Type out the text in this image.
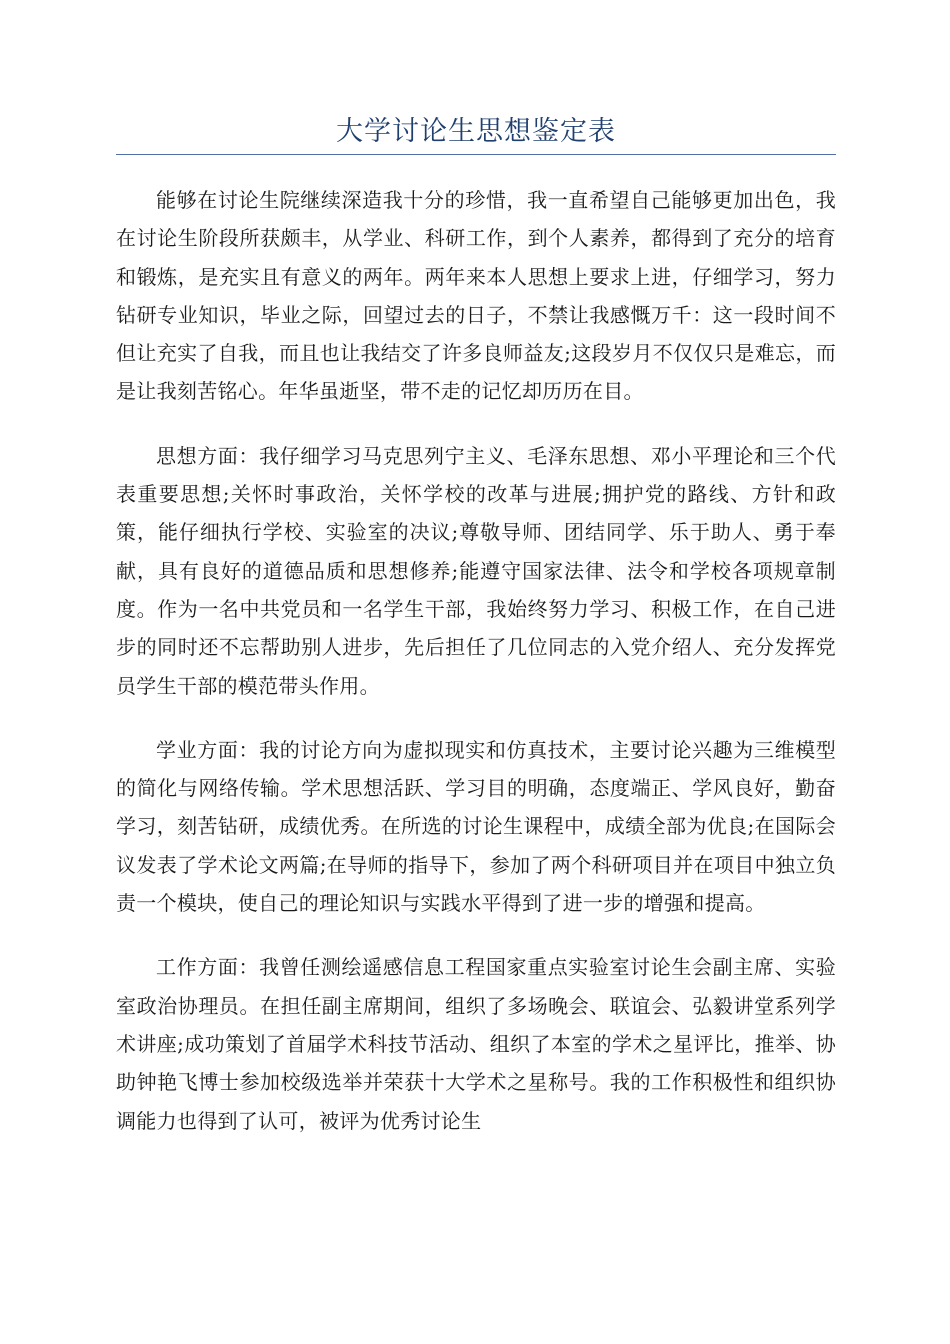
大学讨论生思想鉴定表

能够在讨论生院继续深造我十分的珍惜，我一直希望自己能够更加出色，我在讨论生阶段所获颇丰，从学业、科研工作，到个人素养，都得到了充分的培育和锻炼，是充实且有意义的两年。两年来本人思想上要求上进，仔细学习，努力钻研专业知识，毕业之际，回望过去的日子，不禁让我感慨万千：这一段时间不但让充实了自我，而且也让我结交了许多良师益友;这段岁月不仅仅只是难忘，而是让我刻苦铭心。年华虽逝坚，带不走的记忆却历历在目。

思想方面：我仔细学习马克思列宁主义、毛泽东思想、邓小平理论和三个代表重要思想;关怀时事政治，关怀学校的改革与进展;拥护党的路线、方针和政策，能仔细执行学校、实验室的决议;尊敬导师、团结同学、乐于助人、勇于奉献，具有良好的道德品质和思想修养;能遵守国家法律、法令和学校各项规章制度。作为一名中共党员和一名学生干部，我始终努力学习、积极工作，在自己进步的同时还不忘帮助别人进步，先后担任了几位同志的入党介绍人、充分发挥党员学生干部的模范带头作用。

学业方面：我的讨论方向为虚拟现实和仿真技术，主要讨论兴趣为三维模型的简化与网络传输。学术思想活跃、学习目的明确，态度端正、学风良好，勤奋学习，刻苦钻研，成绩优秀。在所选的讨论生课程中，成绩全部为优良;在国际会议发表了学术论文两篇;在导师的指导下，参加了两个科研项目并在项目中独立负责一个模块，使自己的理论知识与实践水平得到了进一步的增强和提高。

工作方面：我曾任测绘遥感信息工程国家重点实验室讨论生会副主席、实验室政治协理员。在担任副主席期间，组织了多场晚会、联谊会、弘毅讲堂系列学术讲座;成功策划了首届学术科技节活动、组织了本室的学术之星评比，推举、协助钟艳飞博士参加校级选举并荣获十大学术之星称号。我的工作积极性和组织协调能力也得到了认可，被评为优秀讨论生
